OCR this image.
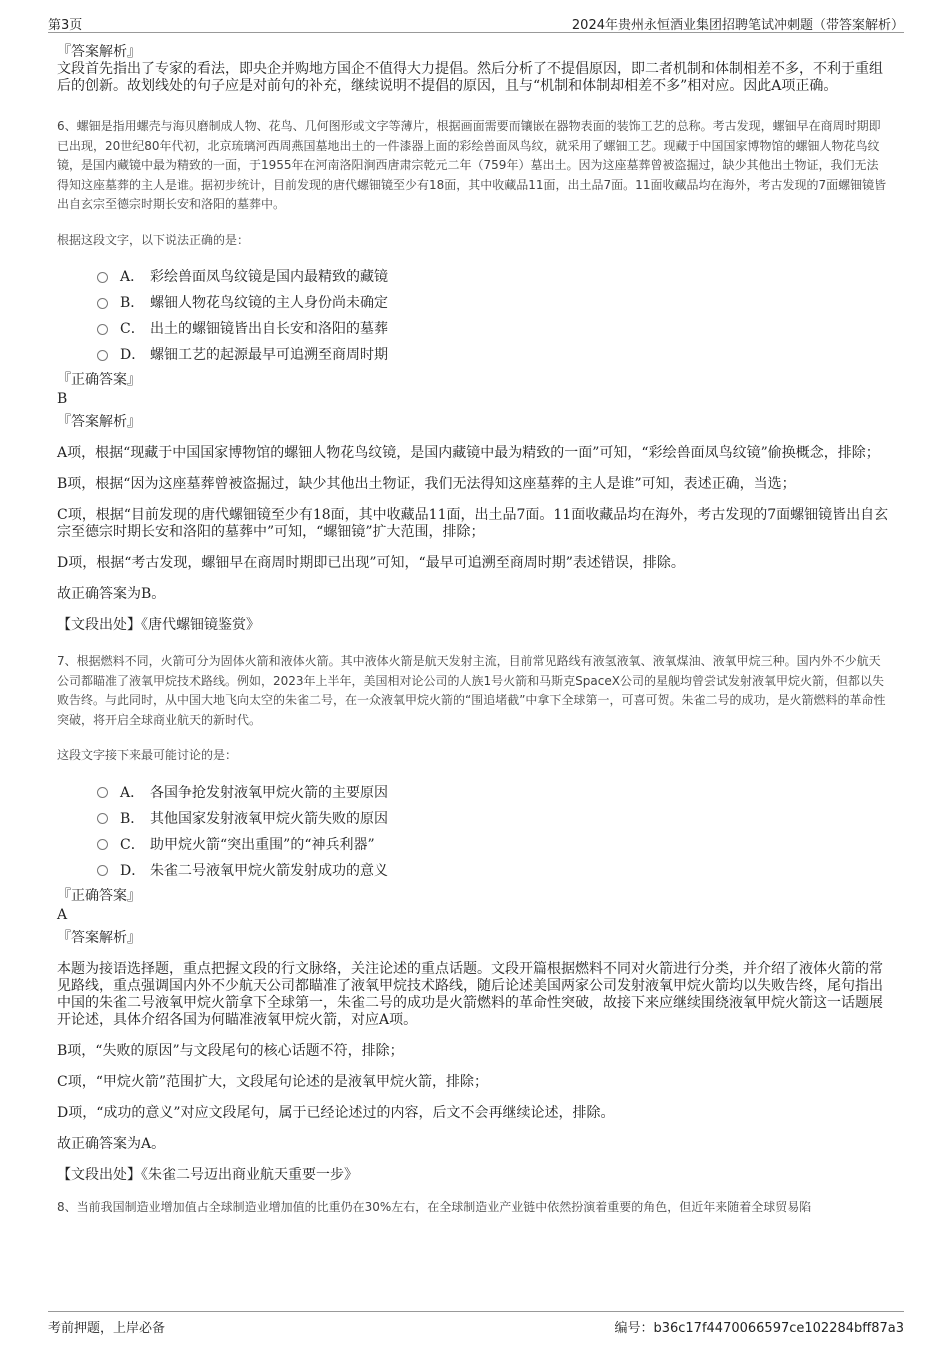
第3页	2024年贵州永恒酒业集团招聘笔试冲刺题（带答案解析）

『答案解析』

文段首先指出了专家的看法，即央企并购地方国企不值得大力提倡。然后分析了不提倡原因，即二者机制和体制相差不多，不利于重组后的创新。故划线处的句子应是对前句的补充，继续说明不提倡的原因，且与“机制和体制却相差不多”相对应。因此A项正确。

6、螺钿是指用螺壳与海贝磨制成人物、花鸟、几何图形或文字等薄片，根据画面需要而镶嵌在器物表面的装饰工艺的总称。考古发现，螺钿早在商周时期即已出现，20世纪80年代初，北京琉璃河西周燕国墓地出土的一件漆器上面的彩绘兽面凤鸟纹，就采用了螺钿工艺。现藏于中国国家博物馆的螺钿人物花鸟纹镜，是国内藏镜中最为精致的一面，于1955年在河南洛阳涧西唐肃宗乾元二年（759年）墓出土。因为这座墓葬曾被盗掘过，缺少其他出土物证，我们无法得知这座墓葬的主人是谁。据初步统计，目前发现的唐代螺钿镜至少有18面，其中收藏品11面，出土品7面。11面收藏品均在海外，考古发现的7面螺钿镜皆出自玄宗至德宗时期长安和洛阳的墓葬中。

根据这段文字，以下说法正确的是：

A． 彩绘兽面凤鸟纹镜是国内最精致的藏镜
B． 螺钿人物花鸟纹镜的主人身份尚未确定
C． 出土的螺钿镜皆出自长安和洛阳的墓葬
D． 螺钿工艺的起源最早可追溯至商周时期

『正确答案』

B

『答案解析』

A项，根据“现藏于中国国家博物馆的螺钿人物花鸟纹镜，是国内藏镜中最为精致的一面”可知，“彩绘兽面凤鸟纹镜”偷换概念，排除；

B项，根据“因为这座墓葬曾被盗掘过，缺少其他出土物证，我们无法得知这座墓葬的主人是谁”可知，表述正确，当选；

C项，根据“目前发现的唐代螺钿镜至少有18面，其中收藏品11面，出土品7面。11面收藏品均在海外，考古发现的7面螺钿镜皆出自玄宗至德宗时期长安和洛阳的墓葬中”可知，“螺钿镜”扩大范围，排除；

D项，根据“考古发现，螺钿早在商周时期即已出现”可知，“最早可追溯至商周时期”表述错误，排除。

故正确答案为B。

【文段出处】《唐代螺钿镜鉴赏》

7、根据燃料不同，火箭可分为固体火箭和液体火箭。其中液体火箭是航天发射主流，目前常见路线有液氢液氧、液氧煤油、液氧甲烷三种。国内外不少航天公司都瞄准了液氧甲烷技术路线。例如，2023年上半年，美国相对论公司的人族1号火箭和马斯克SpaceX公司的星舰均曾尝试发射液氧甲烷火箭，但都以失败告终。与此同时，从中国大地飞向太空的朱雀二号，在一众液氧甲烷火箭的“围追堵截”中拿下全球第一，可喜可贺。朱雀二号的成功，是火箭燃料的革命性突破，将开启全球商业航天的新时代。

这段文字接下来最可能讨论的是：

A． 各国争抢发射液氧甲烷火箭的主要原因
B． 其他国家发射液氧甲烷火箭失败的原因
C． 助甲烷火箭“突出重围”的“神兵利器”
D． 朱雀二号液氧甲烷火箭发射成功的意义

『正确答案』

A

『答案解析』

本题为接语选择题，重点把握文段的行文脉络，关注论述的重点话题。文段开篇根据燃料不同对火箭进行分类，并介绍了液体火箭的常见路线，重点强调国内外不少航天公司都瞄准了液氧甲烷技术路线，随后论述美国两家公司发射液氧甲烷火箭均以失败告终，尾句指出中国的朱雀二号液氧甲烷火箭拿下全球第一，朱雀二号的成功是火箭燃料的革命性突破，故接下来应继续围绕液氧甲烷火箭这一话题展开论述，具体介绍各国为何瞄准液氧甲烷火箭，对应A项。

B项，“失败的原因”与文段尾句的核心话题不符，排除；

C项，“甲烷火箭”范围扩大，文段尾句论述的是液氧甲烷火箭，排除；

D项，“成功的意义”对应文段尾句，属于已经论述过的内容，后文不会再继续论述，排除。

故正确答案为A。

【文段出处】《朱雀二号迈出商业航天重要一步》

8、当前我国制造业增加值占全球制造业增加值的比重仍在30%左右，在全球制造业产业链中依然扮演着重要的角色，但近年来随着全球贸易陷

考前押题，上岸必备	编号：b36c17f4470066597ce102284bff87a3
